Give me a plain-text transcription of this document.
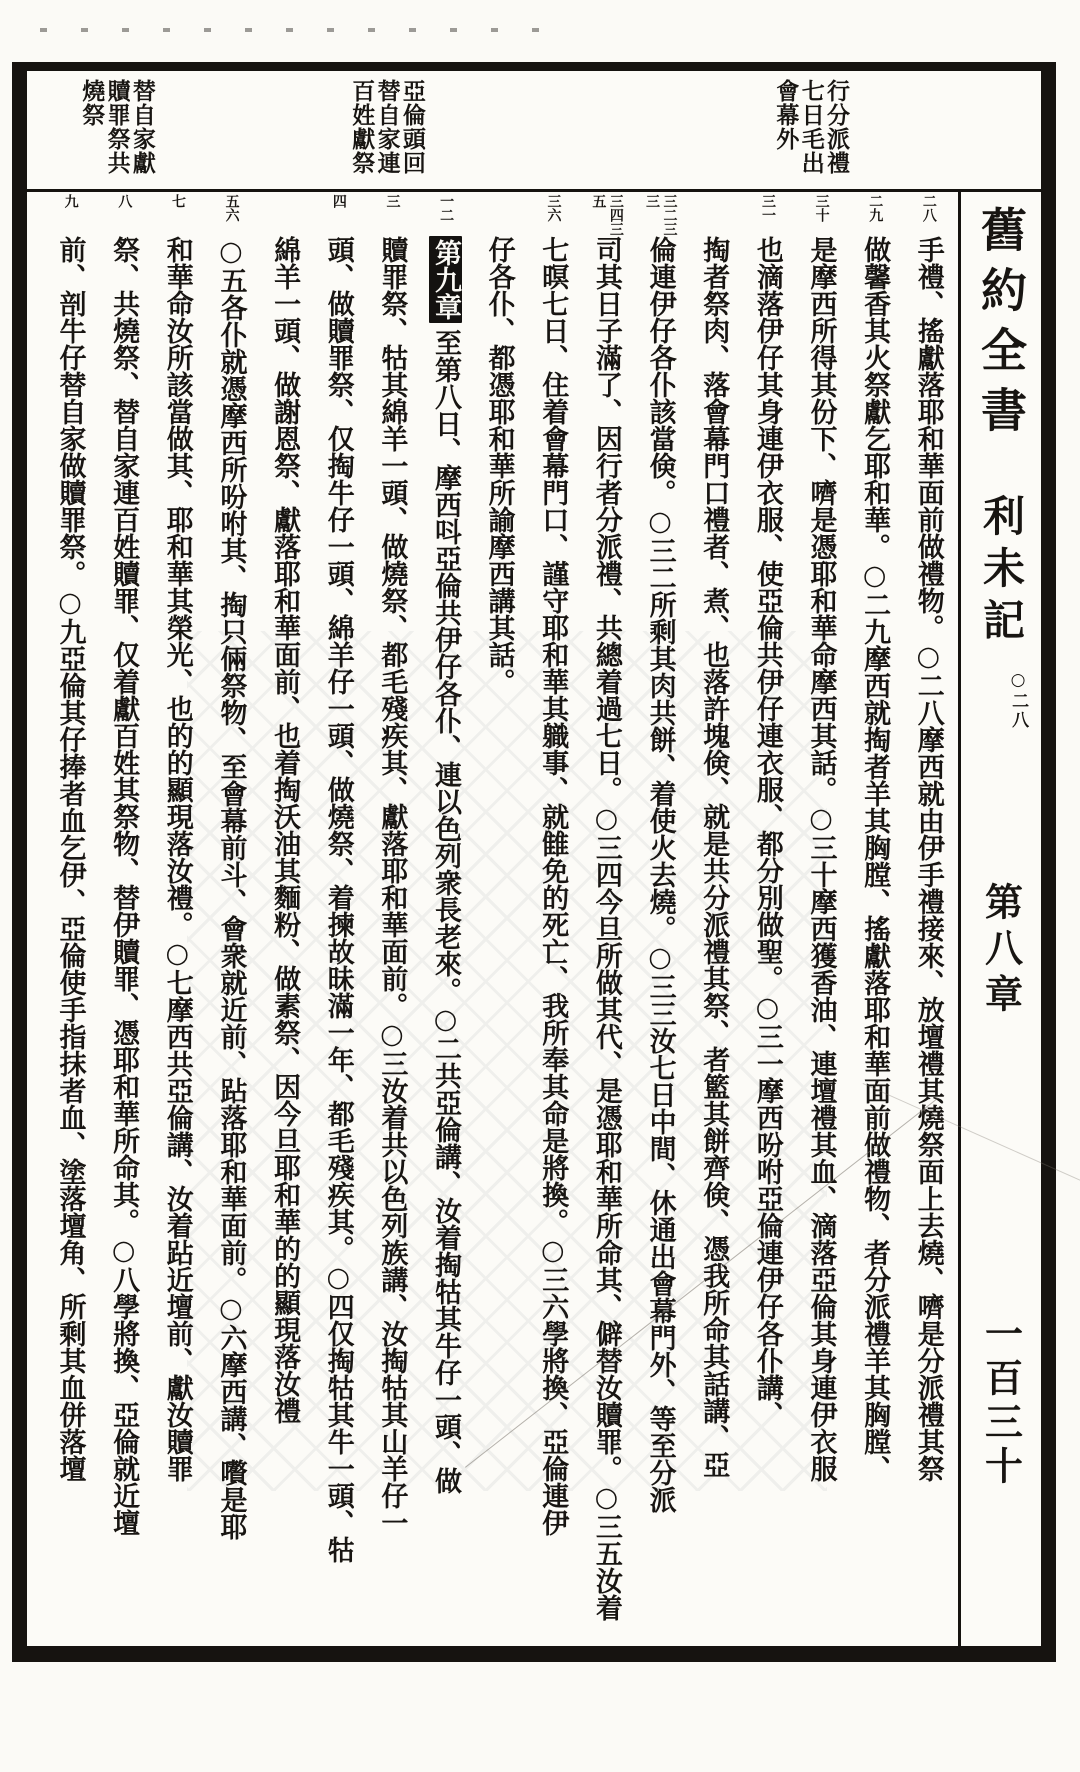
行分派禮七日毛出會幕外
亞倫頭回替自家連百姓獻祭
替自家獻贖罪祭共燒祭
舊約全書
利未記
○二八
第八章
一百三十
二八
手禮、搖獻落耶和華面前做禮物。○二八摩西就由伊手禮接來、放壇禮其燒祭面上去燒、嚌是分派禮其祭
二九
做馨香其火祭獻乞耶和華。○二九摩西就掏者羊其胸膛、搖獻落耶和華面前做禮物、者分派禮羊其胸膛、
三十
是摩西所得其份下、嚌是憑耶和華命摩西其話。○三十摩西獲香油、連壇禮其血、滴落亞倫其身連伊衣服
三一
也滴落伊仔其身連伊衣服、使亞倫共伊仔連衣服、都分別做聖。○三一摩西吩咐亞倫連伊仔各仆講、
掏者祭肉、落會幕門口禮者、煮、也落許塊倹、就是共分派禮其祭、者籃其餅齊倹、憑我所命其話講、亞
三二三三
倫連伊仔各仆該當倹。○三二所剩其肉共餅、着使火去燒。○三三汝七日中間、休通出會幕門外、等至分派
三四三五
司其日子滿了、因行者分派禮、共總着過七日。○三四今旦所做其代、是憑耶和華所命其、僻替汝贖罪。○三五汝着
三六
七暝七日、住着會幕門口、謹守耶和華其軄事、就雔免的死亡、我所奉其命是將換。○三六學將換、亞倫連伊
仔各仆、都憑耶和華所諭摩西講其話。
一二
第九章至第八日、摩西呌亞倫共伊仔各仆、連以色列衆長老來。○二共亞倫講、汝着掏牯其牛仔一頭、做
三
贖罪祭、牯其綿羊一頭、做燒祭、都毛殘疾其、獻落耶和華面前。○三汝着共以色列族講、汝掏牯其山羊仔一
四
頭、做贖罪祭、仅掏牛仔一頭、綿羊仔一頭、做燒祭、着揀故昧滿一年、都毛殘疾其。○四仅掏牯其牛一頭、牯
綿羊一頭、做謝恩祭、獻落耶和華面前、也着掏沃油其麵粉、做素祭、因今旦耶和華的的顯現落汝禮
五六
○五各仆就憑摩西所吩咐其、掏只倆祭物、至會幕前斗、會衆就近前、跕落耶和華面前。○六摩西講、嚽是耶
七
和華命汝所該當做其、耶和華其榮光、也的的顯現落汝禮。○七摩西共亞倫講、汝着跕近壇前、獻汝贖罪
八
祭、共燒祭、替自家連百姓贖罪、仅着獻百姓其祭物、替伊贖罪、憑耶和華所命其。○八學將換、亞倫就近壇
九
前、剖牛仔替自家做贖罪祭。○九亞倫其仔捧者血乞伊、亞倫使手指抹者血、塗落壇角、所剩其血併落壇
